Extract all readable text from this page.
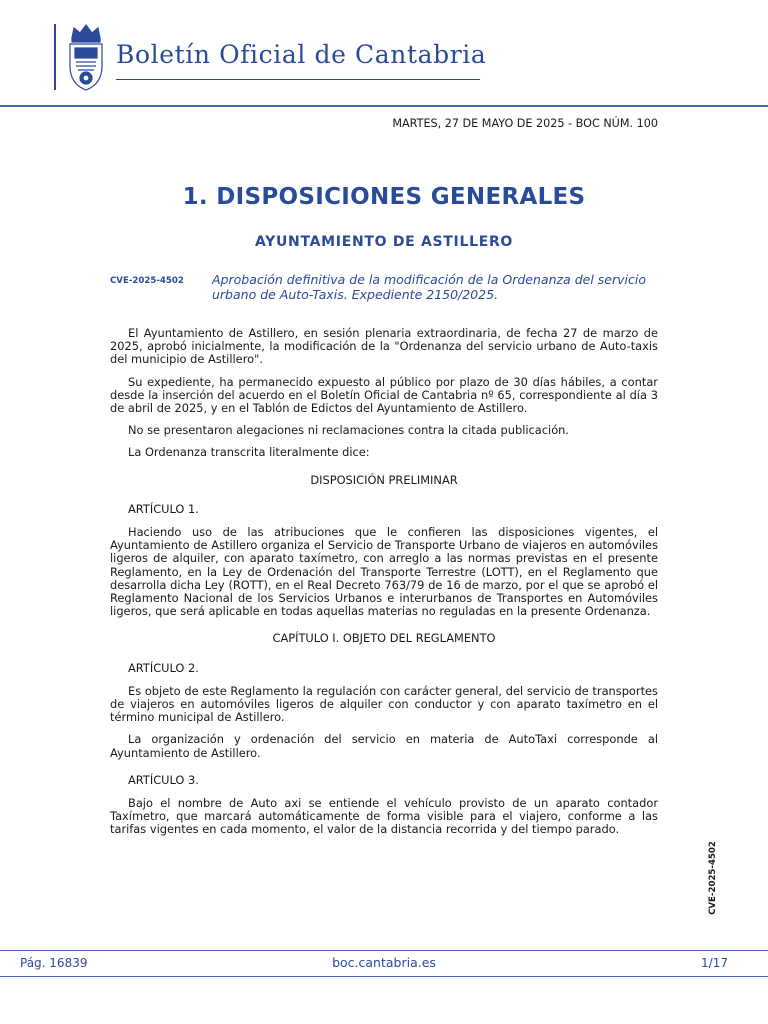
Boletín Oficial de Cantabria
MARTES, 27 DE MAYO DE 2025 - BOC NÚM. 100
1. DISPOSICIONES GENERALES
AYUNTAMIENTO DE ASTILLERO
CVE-2025-4502 Aprobación definitiva de la modificación de la Ordenanza del servicio urbano de Auto-Taxis. Expediente 2150/2025.

El Ayuntamiento de Astillero, en sesión plenaria extraordinaria, de fecha 27 de marzo de 2025, aprobó inicialmente, la modificación de la "Ordenanza del servicio urbano de Auto-taxis del municipio de Astillero".

Su expediente, ha permanecido expuesto al público por plazo de 30 días hábiles, a contar desde la inserción del acuerdo en el Boletín Oficial de Cantabria nº 65, correspondiente al día 3 de abril de 2025, y en el Tablón de Edictos del Ayuntamiento de Astillero.

No se presentaron alegaciones ni reclamaciones contra la citada publicación.

La Ordenanza transcrita literalmente dice:

DISPOSICIÓN PRELIMINAR

ARTÍCULO 1.

Haciendo uso de las atribuciones que le confieren las disposiciones vigentes, el Ayuntamiento de Astillero organiza el Servicio de Transporte Urbano de viajeros en automóviles ligeros de alquiler, con aparato taxímetro, con arreglo a las normas previstas en el presente Reglamento, en la Ley de Ordenación del Transporte Terrestre (LOTT), en el Reglamento que desarrolla dicha Ley (ROTT), en el Real Decreto 763/79 de 16 de marzo, por el que se aprobó el Reglamento Nacional de los Servicios Urbanos e interurbanos de Transportes en Automóviles ligeros, que será aplicable en todas aquellas materias no reguladas en la presente Ordenanza.

CAPÍTULO I. OBJETO DEL REGLAMENTO

ARTÍCULO 2.

Es objeto de este Reglamento la regulación con carácter general, del servicio de transportes de viajeros en automóviles ligeros de alquiler con conductor y con aparato taxímetro en el término municipal de Astillero.

La organización y ordenación del servicio en materia de AutoTaxi corresponde al Ayuntamiento de Astillero.

ARTÍCULO 3.

Bajo el nombre de Auto axi se entiende el vehículo provisto de un aparato contador Taxímetro, que marcará automáticamente de forma visible para el viajero, conforme a las tarifas vigentes en cada momento, el valor de la distancia recorrida y del tiempo parado.

CVE-2025-4502
Pág. 16839	boc.cantabria.es	1/17
